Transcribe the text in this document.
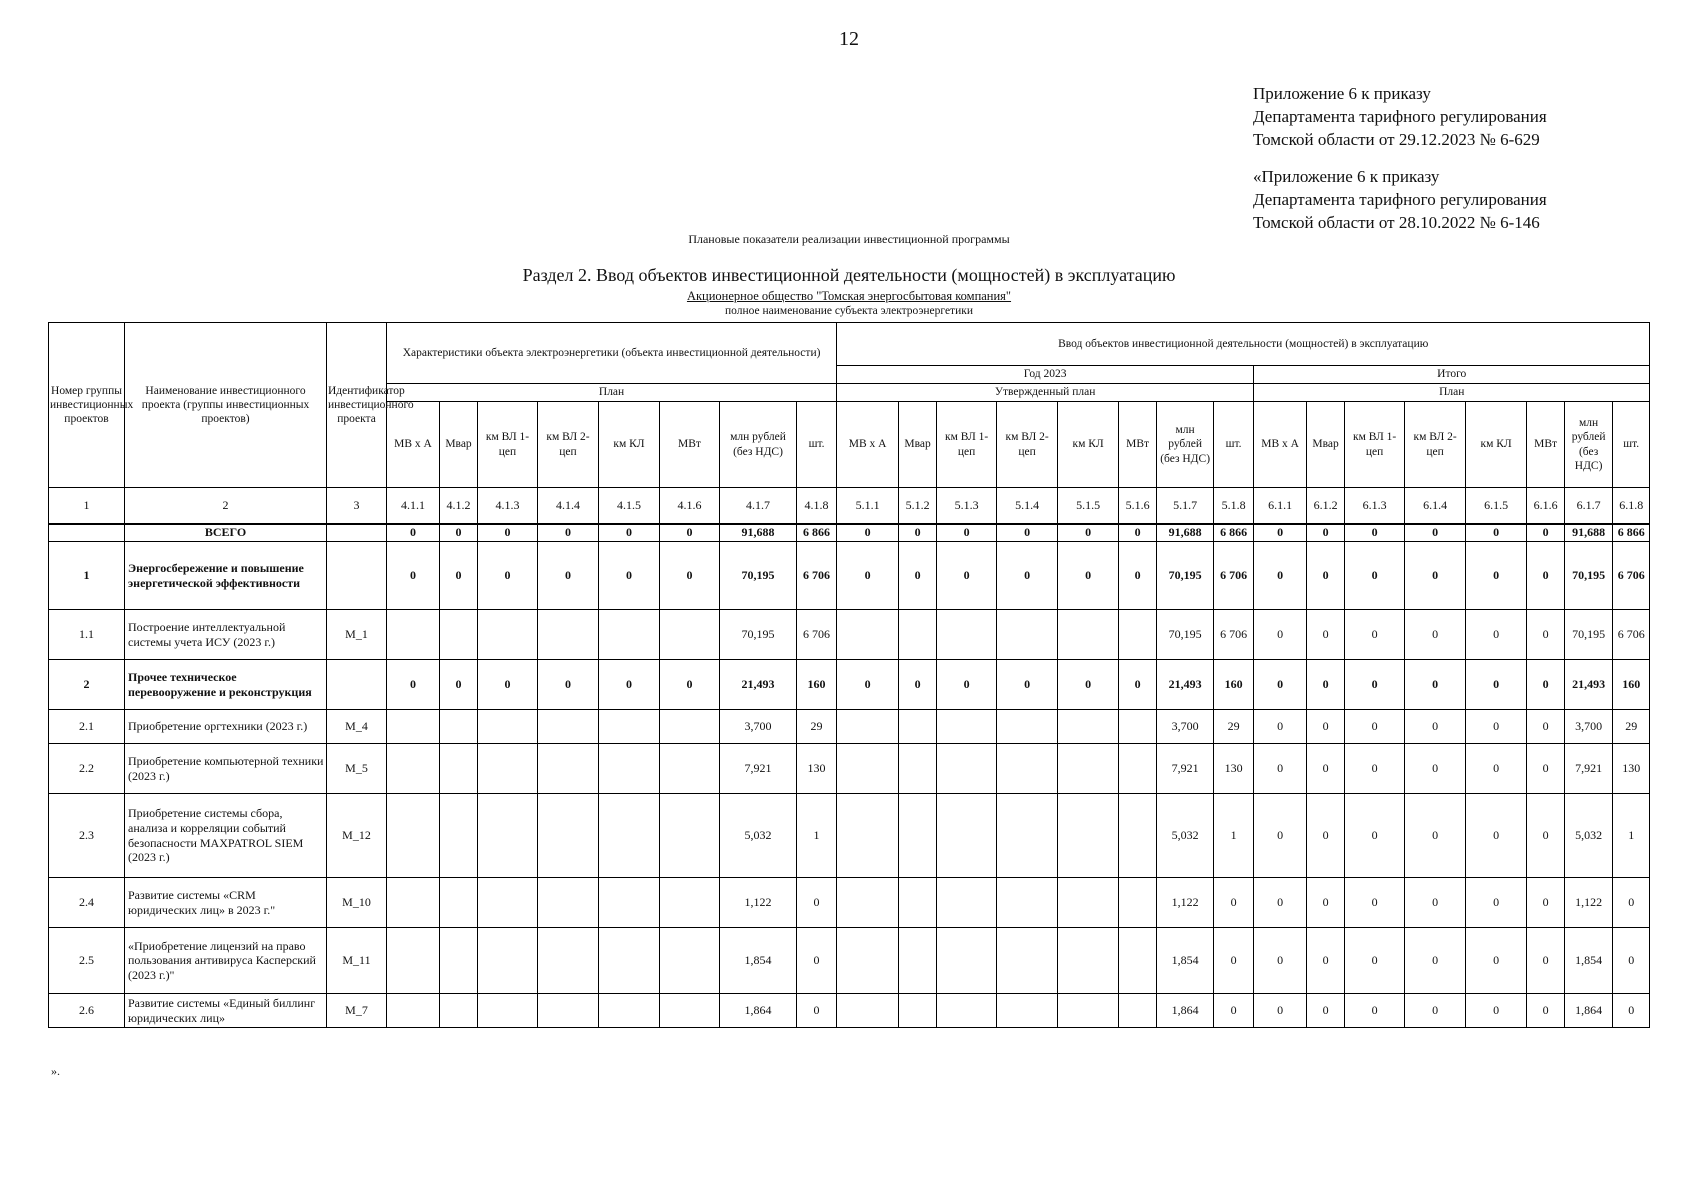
12
Приложение 6 к приказу
Департамента тарифного регулирования
Томской области от 29.12.2023 № 6-629
«Приложение 6 к приказу
Департамента тарифного регулирования
Томской области от 28.10.2022 № 6-146
Плановые показатели реализации инвестиционной программы
Раздел 2. Ввод объектов инвестиционной деятельности (мощностей) в эксплуатацию
Акционерное общество "Томская энергосбытовая компания"
полное наименование субъекта электроэнергетики
Номер группы инвестиционных проектов	Наименование инвестиционного проекта (группы инвестиционных проектов)	Идентификатор инвестиционного проекта	Характеристики объекта электроэнергетики (объекта инвестиционной деятельности)								Ввод объектов инвестиционной деятельности (мощностей) в эксплуатацию															
											Год 2023								Итого							
			План								Утвержденный план								План							
			МВ х А	Мвар	км ВЛ 1-цеп	км ВЛ 2-цеп	км КЛ	МВт	млн рублей (без НДС)	шт.	МВ х А	Мвар	км ВЛ 1-цеп	км ВЛ 2-цеп	км КЛ	МВт	млн рублей (без НДС)	шт.	МВ х А	Мвар	км ВЛ 1-цеп	км ВЛ 2-цеп	км КЛ	МВт	млн рублей (без НДС)	шт.
1	2	3	4.1.1	4.1.2	4.1.3	4.1.4	4.1.5	4.1.6	4.1.7	4.1.8	5.1.1	5.1.2	5.1.3	5.1.4	5.1.5	5.1.6	5.1.7	5.1.8	6.1.1	6.1.2	6.1.3	6.1.4	6.1.5	6.1.6	6.1.7	6.1.8
	ВСЕГО		0	0	0	0	0	0	91,688	6 866	0	0	0	0	0	0	91,688	6 866	0	0	0	0	0	0	91,688	6 866
1	Энергосбережение и повышение энергетической эффективности		0	0	0	0	0	0	70,195	6 706	0	0	0	0	0	0	70,195	6 706	0	0	0	0	0	0	70,195	6 706
1.1	Построение интеллектуальной системы учета ИСУ (2023 г.)	M_1							70,195	6 706							70,195	6 706	0	0	0	0	0	0	70,195	6 706
2	Прочее техническое перевооружение и реконструкция		0	0	0	0	0	0	21,493	160	0	0	0	0	0	0	21,493	160	0	0	0	0	0	0	21,493	160
2.1	Приобретение оргтехники (2023 г.)	M_4							3,700	29							3,700	29	0	0	0	0	0	0	3,700	29
2.2	Приобретение компьютерной техники (2023 г.)	M_5							7,921	130							7,921	130	0	0	0	0	0	0	7,921	130
2.3	Приобретение системы сбора, анализа и корреляции событий безопасности MAXPATROL SIEM (2023 г.)	M_12							5,032	1							5,032	1	0	0	0	0	0	0	5,032	1
2.4	Развитие системы «CRM юридических лиц» в 2023 г."	M_10							1,122	0							1,122	0	0	0	0	0	0	0	1,122	0
2.5	«Приобретение лицензий на право пользования антивируса Касперский (2023 г.)"	M_11							1,854	0							1,854	0	0	0	0	0	0	0	1,854	0
2.6	Развитие системы «Единый биллинг юридических лиц»	M_7							1,864	0							1,864	0	0	0	0	0	0	0	1,864	0
».
